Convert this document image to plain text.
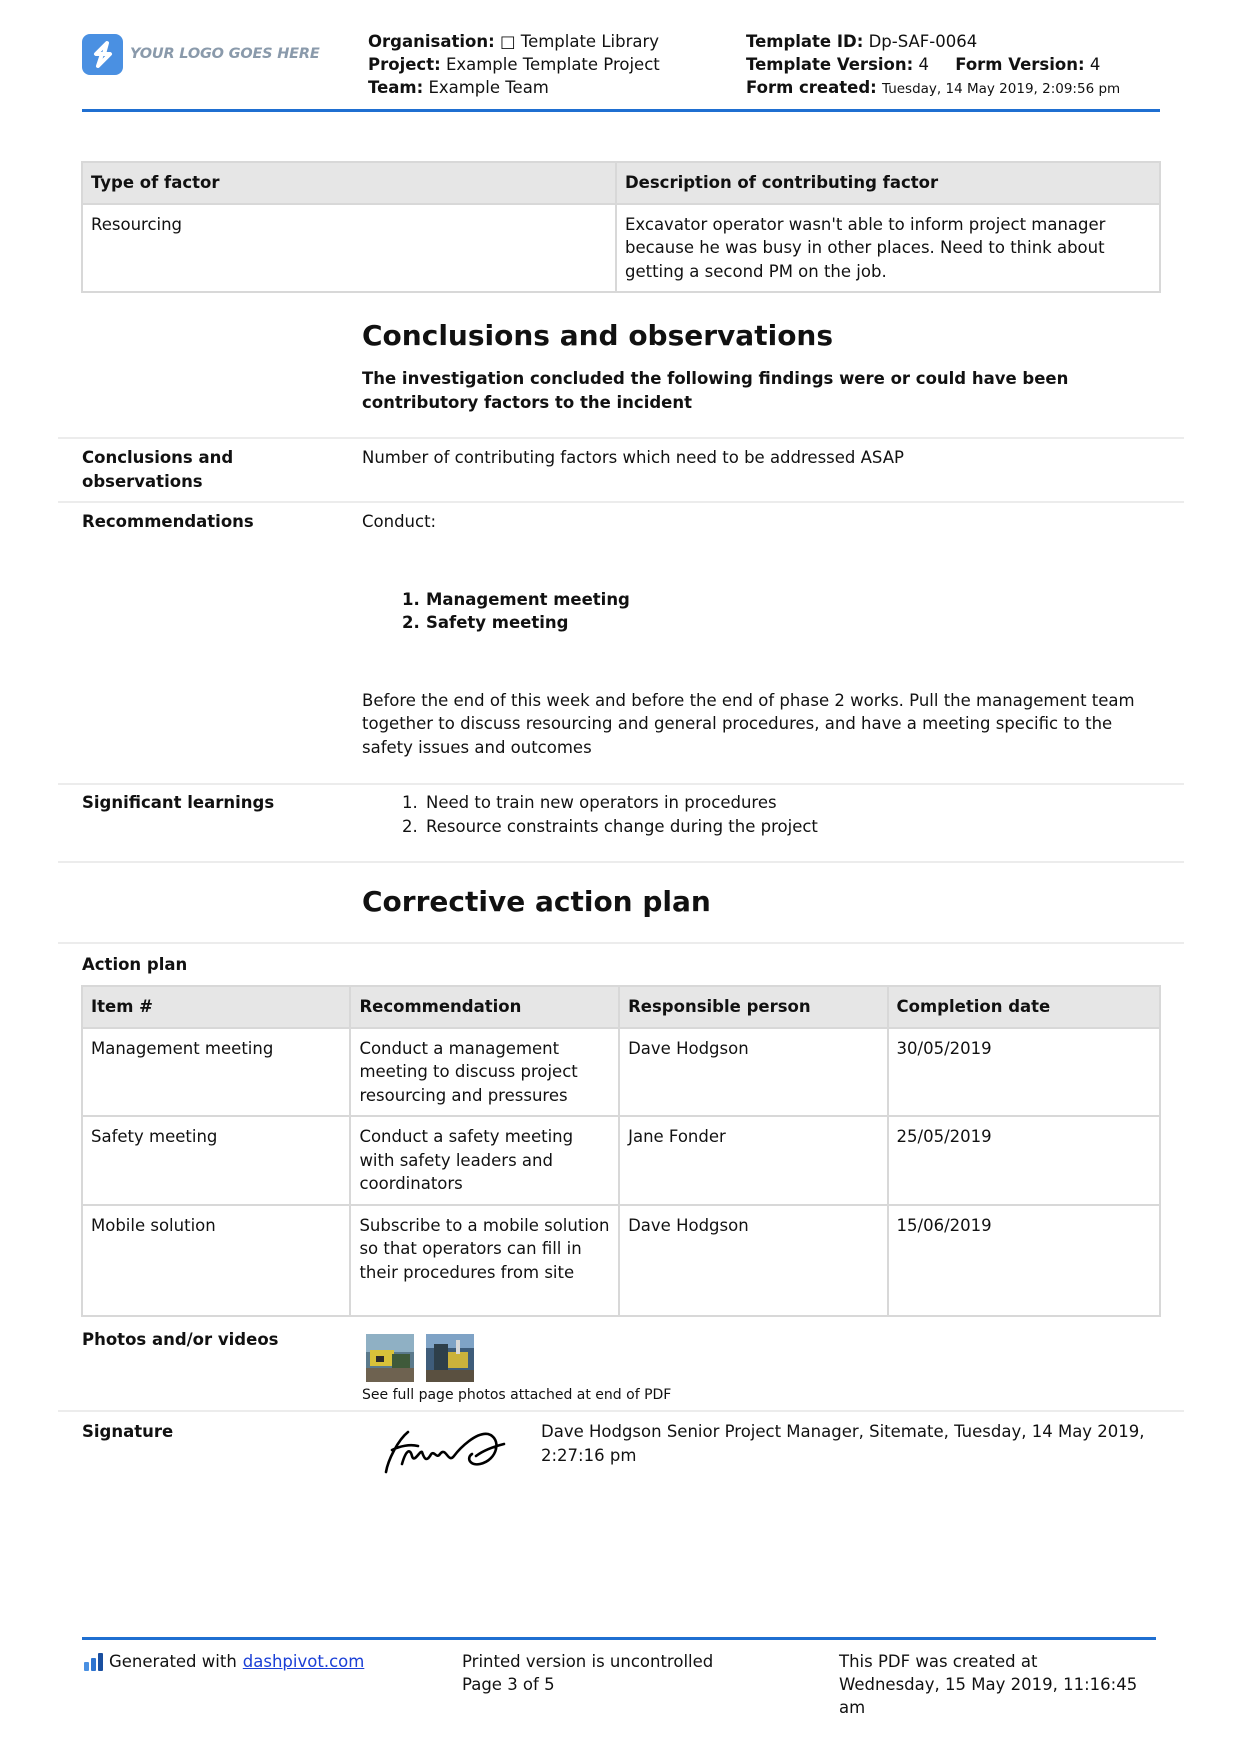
YOUR LOGO GOES HERE
Organisation: □ Template Library
Project: Example Template Project
Team: Example Team
Template ID: Dp-SAF-0064
Template Version: 4 Form Version: 4
Form created: Tuesday, 14 May 2019, 2:09:56 pm
Type of factor	Description of contributing factor
Resourcing	Excavator operator wasn't able to inform project manager because he was busy in other places. Need to think about getting a second PM on the job.
Conclusions and observations
The investigation concluded the following findings were or could have been contributory factors to the incident
Conclusions and observations
Number of contributing factors which need to be addressed ASAP
Recommendations	Conduct:
1. Management meeting
2. Safety meeting
Before the end of this week and before the end of phase 2 works. Pull the management team together to discuss resourcing and general procedures, and have a meeting specific to the safety issues and outcomes
Significant learnings	1. Need to train new operators in procedures
2. Resource constraints change during the project
Corrective action plan
Action plan
Item #	Recommendation	Responsible person	Completion date
Management meeting	Conduct a management meeting to discuss project resourcing and pressures	Dave Hodgson	30/05/2019
Safety meeting	Conduct a safety meeting with safety leaders and coordinators	Jane Fonder	25/05/2019
Mobile solution	Subscribe to a mobile solution so that operators can fill in their procedures from site	Dave Hodgson	15/06/2019
Photos and/or videos
See full page photos attached at end of PDF
Signature	Dave Hodgson Senior Project Manager, Sitemate, Tuesday, 14 May 2019, 2:27:16 pm
Generated with dashpivot.com	Printed version is uncontrolled
Page 3 of 5
This PDF was created at
Wednesday, 15 May 2019, 11:16:45 am
